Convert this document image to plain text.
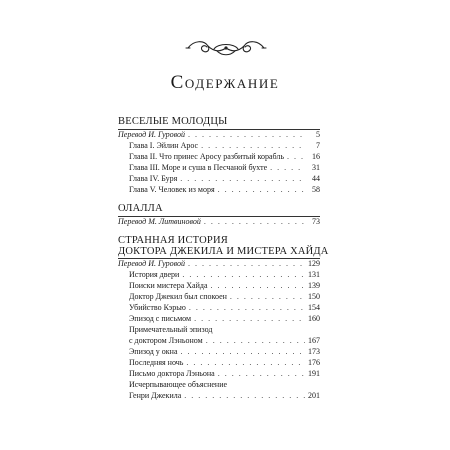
Содержание
ВЕСЕЛЫЕ МОЛОДЦЫ
Перевод И. Гуровой . . .	5
Глава I. Эйлин Арос . . .	7
Глава II. Что принес Аросу разбитый корабль . . .	16
Глава III. Море и суша в Песчаной бухте . . .	31
Глава IV. Буря . . .	44
Глава V. Человек из моря . . .	58
ОЛАЛЛА
Перевод М. Литвиновой . . .	73
СТРАННАЯ ИСТОРИЯ
ДОКТОРА ДЖЕКИЛА И МИСТЕРА ХАЙДА
Перевод И. Гуровой . . .	129
История двери . . .	131
Поиски мистера Хайда . . .	139
Доктор Джекил был спокоен . . .	150
Убийство Кэрью . . .	154
Эпизод с письмом . . .	160
Примечательный эпизод
с доктором Лэньоном . . .	167
Эпизод у окна . . .	173
Последняя ночь . . .	176
Письмо доктора Лэньона . . .	191
Исчерпывающее объяснение
Генри Джекила . . .	201
